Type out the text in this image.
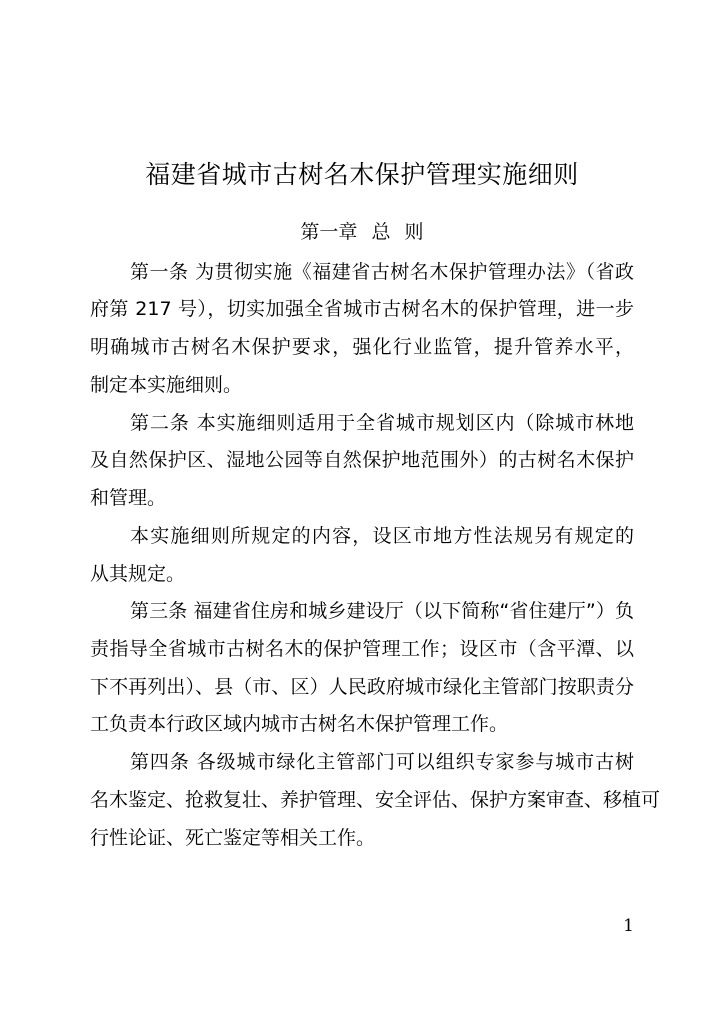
福建省城市古树名木保护管理实施细则
第一章 总 则
第一条 为贯彻实施《福建省古树名木保护管理办法》（省政
府第 217 号），切实加强全省城市古树名木的保护管理，进一步
明确城市古树名木保护要求，强化行业监管，提升管养水平，
制定本实施细则。
第二条 本实施细则适用于全省城市规划区内（除城市林地
及自然保护区、湿地公园等自然保护地范围外）的古树名木保护
和管理。
本实施细则所规定的内容，设区市地方性法规另有规定的
从其规定。
第三条 福建省住房和城乡建设厅（以下简称“省住建厅”）负
责指导全省城市古树名木的保护管理工作；设区市（含平潭、以
下不再列出）、县（市、区）人民政府城市绿化主管部门按职责分
工负责本行政区域内城市古树名木保护管理工作。
第四条 各级城市绿化主管部门可以组织专家参与城市古树
名木鉴定、抢救复壮、养护管理、安全评估、保护方案审查、移植可
行性论证、死亡鉴定等相关工作。
1
